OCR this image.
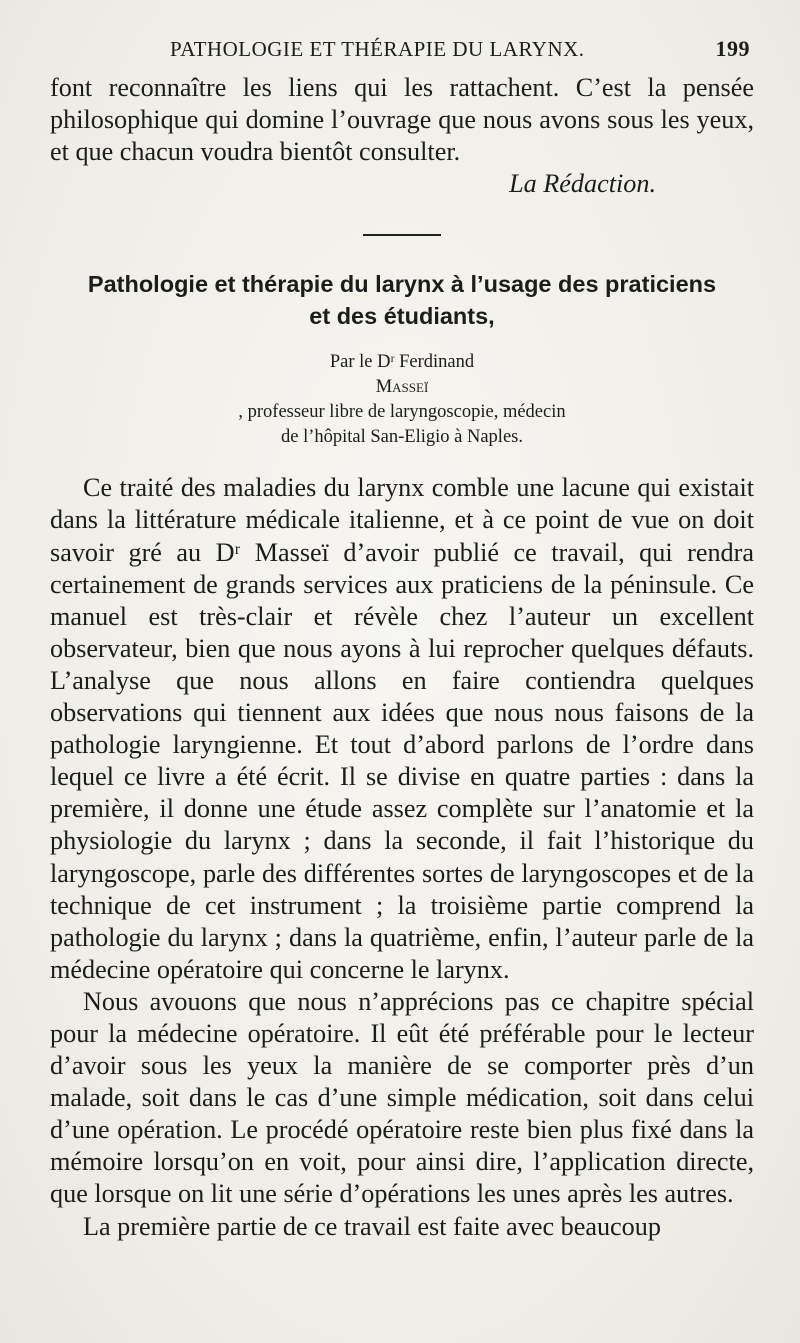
PATHOLOGIE ET THÉRAPIE DU LARYNX.	199

font reconnaître les liens qui les rattachent. C’est la pensée philosophique qui domine l’ouvrage que nous avons sous les yeux, et que chacun voudra bientôt consulter.

La Rédaction.

Pathologie et thérapie du larynx à l’usage des praticiens
et des étudiants,

Par le Dʳ Ferdinand
Masseï
, professeur libre de laryngoscopie, médecin
de l’hôpital San-Eligio à Naples.

Ce traité des maladies du larynx comble une lacune qui existait dans la littérature médicale italienne, et à ce point de vue on doit savoir gré au Dʳ Masseï d’avoir publié ce travail, qui rendra certainement de grands services aux praticiens de la péninsule. Ce manuel est très-clair et révèle chez l’auteur un excellent observateur, bien que nous ayons à lui reprocher quelques défauts. L’analyse que nous allons en faire contiendra quelques observations qui tiennent aux idées que nous nous faisons de la pathologie laryngienne. Et tout d’abord parlons de l’ordre dans lequel ce livre a été écrit. Il se divise en quatre parties : dans la première, il donne une étude assez complète sur l’anatomie et la physiologie du larynx ; dans la seconde, il fait l’historique du laryngoscope, parle des différentes sortes de laryngoscopes et de la technique de cet instrument ; la troisième partie comprend la pathologie du larynx ; dans la quatrième, enfin, l’auteur parle de la médecine opératoire qui concerne le larynx.

Nous avouons que nous n’apprécions pas ce chapitre spécial pour la médecine opératoire. Il eût été préférable pour le lecteur d’avoir sous les yeux la manière de se comporter près d’un malade, soit dans le cas d’une simple médication, soit dans celui d’une opération. Le procédé opératoire reste bien plus fixé dans la mémoire lorsqu’on en voit, pour ainsi dire, l’application directe, que lorsque on lit une série d’opérations les unes après les autres.

La première partie de ce travail est faite avec beaucoup
